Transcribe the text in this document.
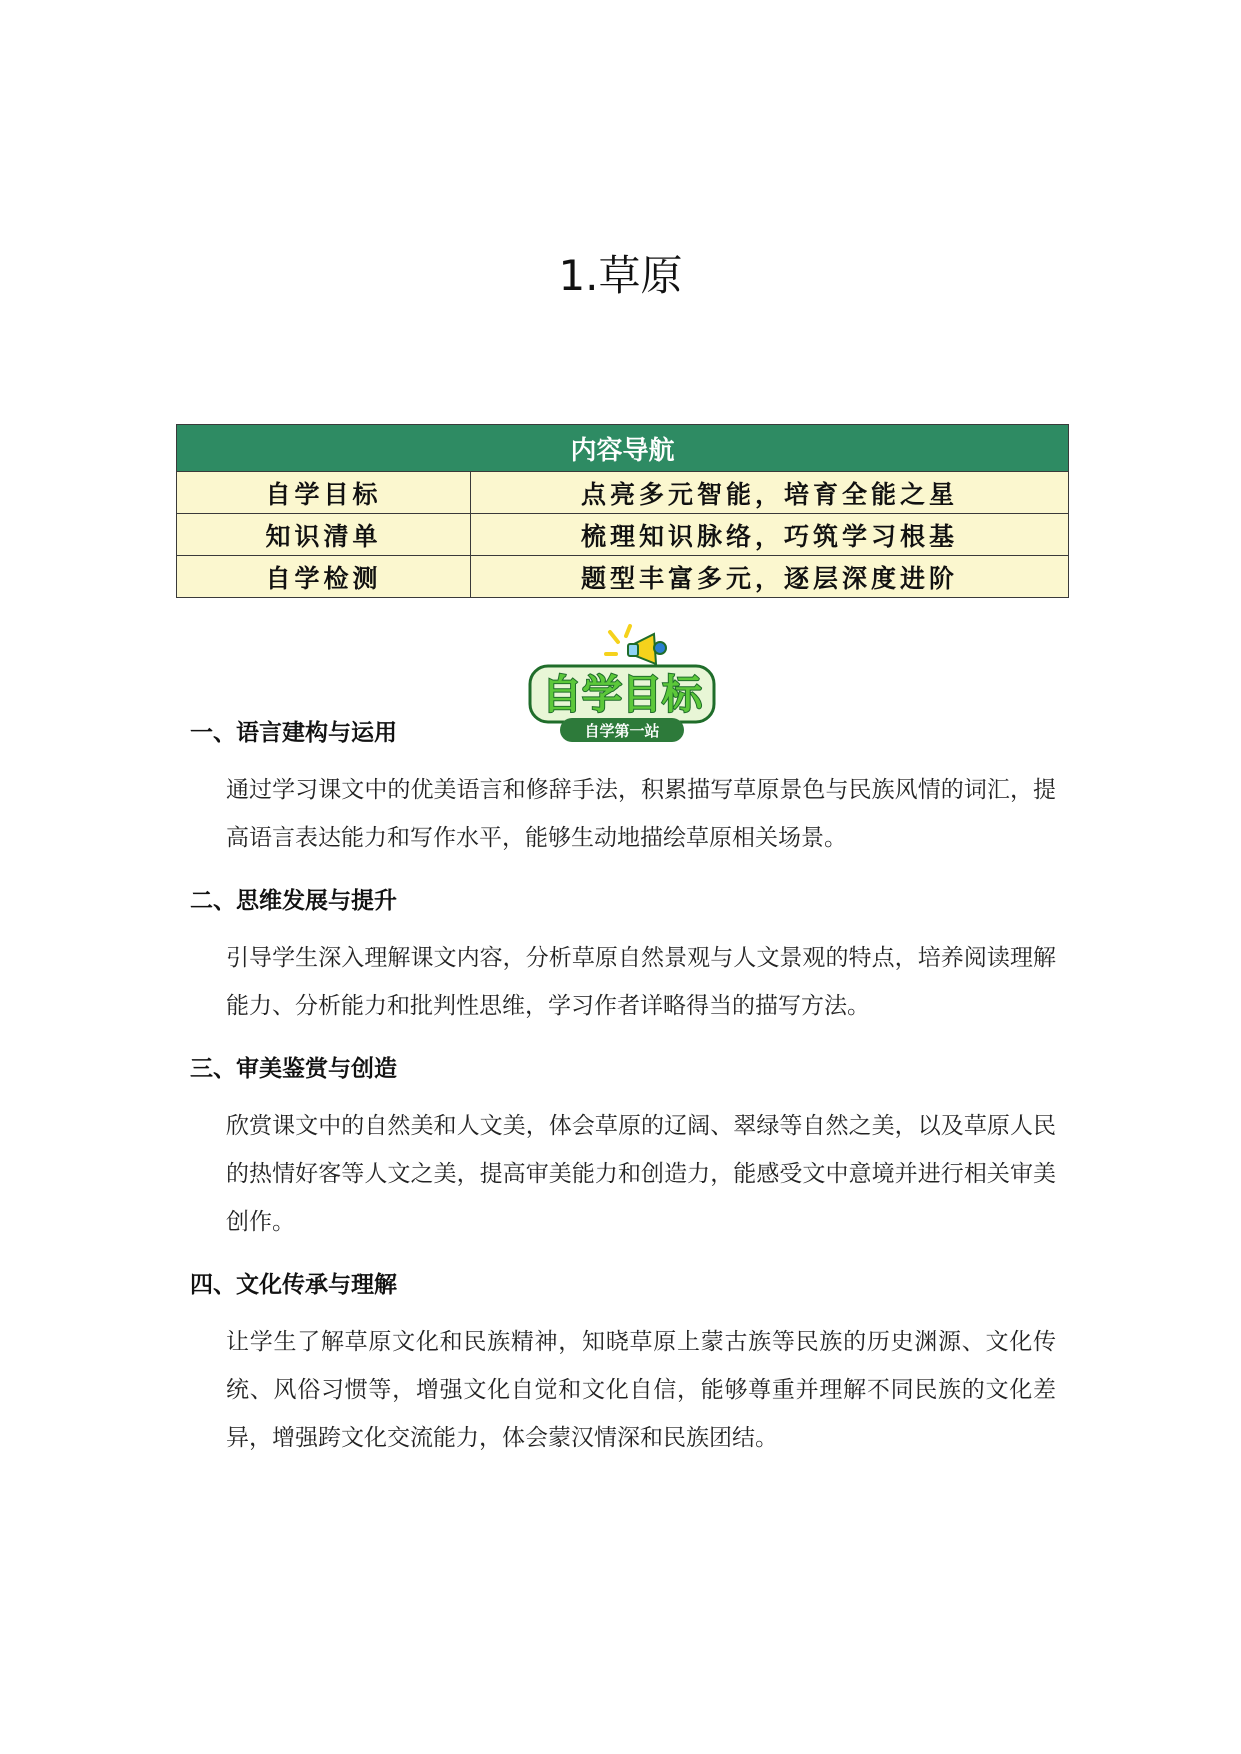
1.草原
内容导航	
自学目标	点亮多元智能，培育全能之星
知识清单	梳理知识脉络，巧筑学习根基
自学检测	题型丰富多元，逐层深度进阶
自学目标
自学第一站
一、语言建构与运用

通过学习课文中的优美语言和修辞手法，积累描写草原景色与民族风情的词汇，提高语言表达能力和写作水平，能够生动地描绘草原相关场景。

二、思维发展与提升

引导学生深入理解课文内容，分析草原自然景观与人文景观的特点，培养阅读理解能力、分析能力和批判性思维，学习作者详略得当的描写方法。

三、审美鉴赏与创造

欣赏课文中的自然美和人文美，体会草原的辽阔、翠绿等自然之美，以及草原人民的热情好客等人文之美，提高审美能力和创造力，能感受文中意境并进行相关审美创作。

四、文化传承与理解

让学生了解草原文化和民族精神，知晓草原上蒙古族等民族的历史渊源、文化传统、风俗习惯等，增强文化自觉和文化自信，能够尊重并理解不同民族的文化差异，增强跨文化交流能力，体会蒙汉情深和民族团结。
